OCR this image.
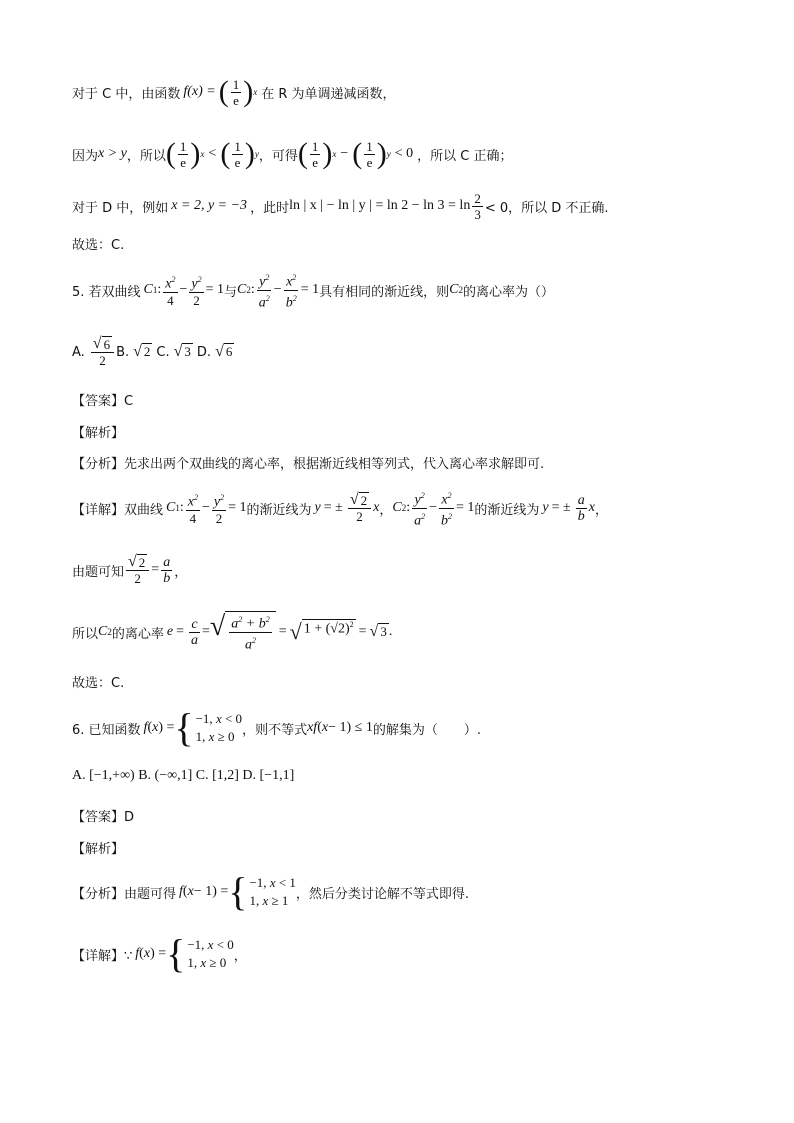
对于 C 中，由函数 f(x) = ( $\frac{1}{e}$ ) x 在 R 为单调递减函数，
因为 x > y ，所以 ( $\frac{1}{e}$ ) x < ( $\frac{1}{e}$ ) y ，可得 ( $\frac{1}{e}$ ) x − ( $\frac{1}{e}$ ) y < 0 ，所以 C 正确；
对于 D 中，例如 x = 2, y = −3 ，此时 ln | x | − ln | y | = $\ln 2 - \ln 3 = \ln \frac{2}{3} < 0$，所以 D 不正确.
故选：C.
5. 若双曲线 C 1 : $\frac{x^2}{4} - \frac{y^2}{2} = 1$ 与 C 2 : $\frac{y^2}{a^2} - \frac{x^2}{b^2} = 1$ 具有相同的渐近线，则 C 2 的离心率为（）
A. $\frac{√ 6}{2} B$. √ 2 C. √ 3 D. √ 6
【答案】C
【解析】
【分析】先求出两个双曲线的离心率，根据渐近线相等列式，代入离心率求解即可.
【详解】双曲线 C 1 : $\frac{x^2}{4} - \frac{y^2}{2} = 1$ 的渐近线为 y = ± $\frac{√ 2}{2}$ x ， C 2 : $\frac{y^2}{a^2} - \frac{x^2}{b^2} = 1$ 的渐近线为 y = ± $\frac{a}{b}$ x ，
由题可知 $\frac{√ 2}{2} = \frac{a}{b}$ ，
所以 C 2 的离心率 $e = \frac{c}{a}$ = √ $\frac{a^2 + b^2}{a^2}$ = √ $1 + (√2)^2$ = √ 3 .
故选：C.
6. 已知函数 f ( x ) = { −1, x < 0
1, x ≥ 0 ，则不等式 xf ( x − 1) ≤ 1 的解集为（　　）.
A. [−1,+∞) B. (−∞,1] C. [1,2] D. [−1,1]
【答案】D
【解析】
【分析】由题可得 f ( x − 1) = { −1, x < 1
1, x ≥ 1 ，然后分类讨论解不等式即得.
【详解】∵ f ( x ) = { −1, x < 0
1, x ≥ 0 ，
